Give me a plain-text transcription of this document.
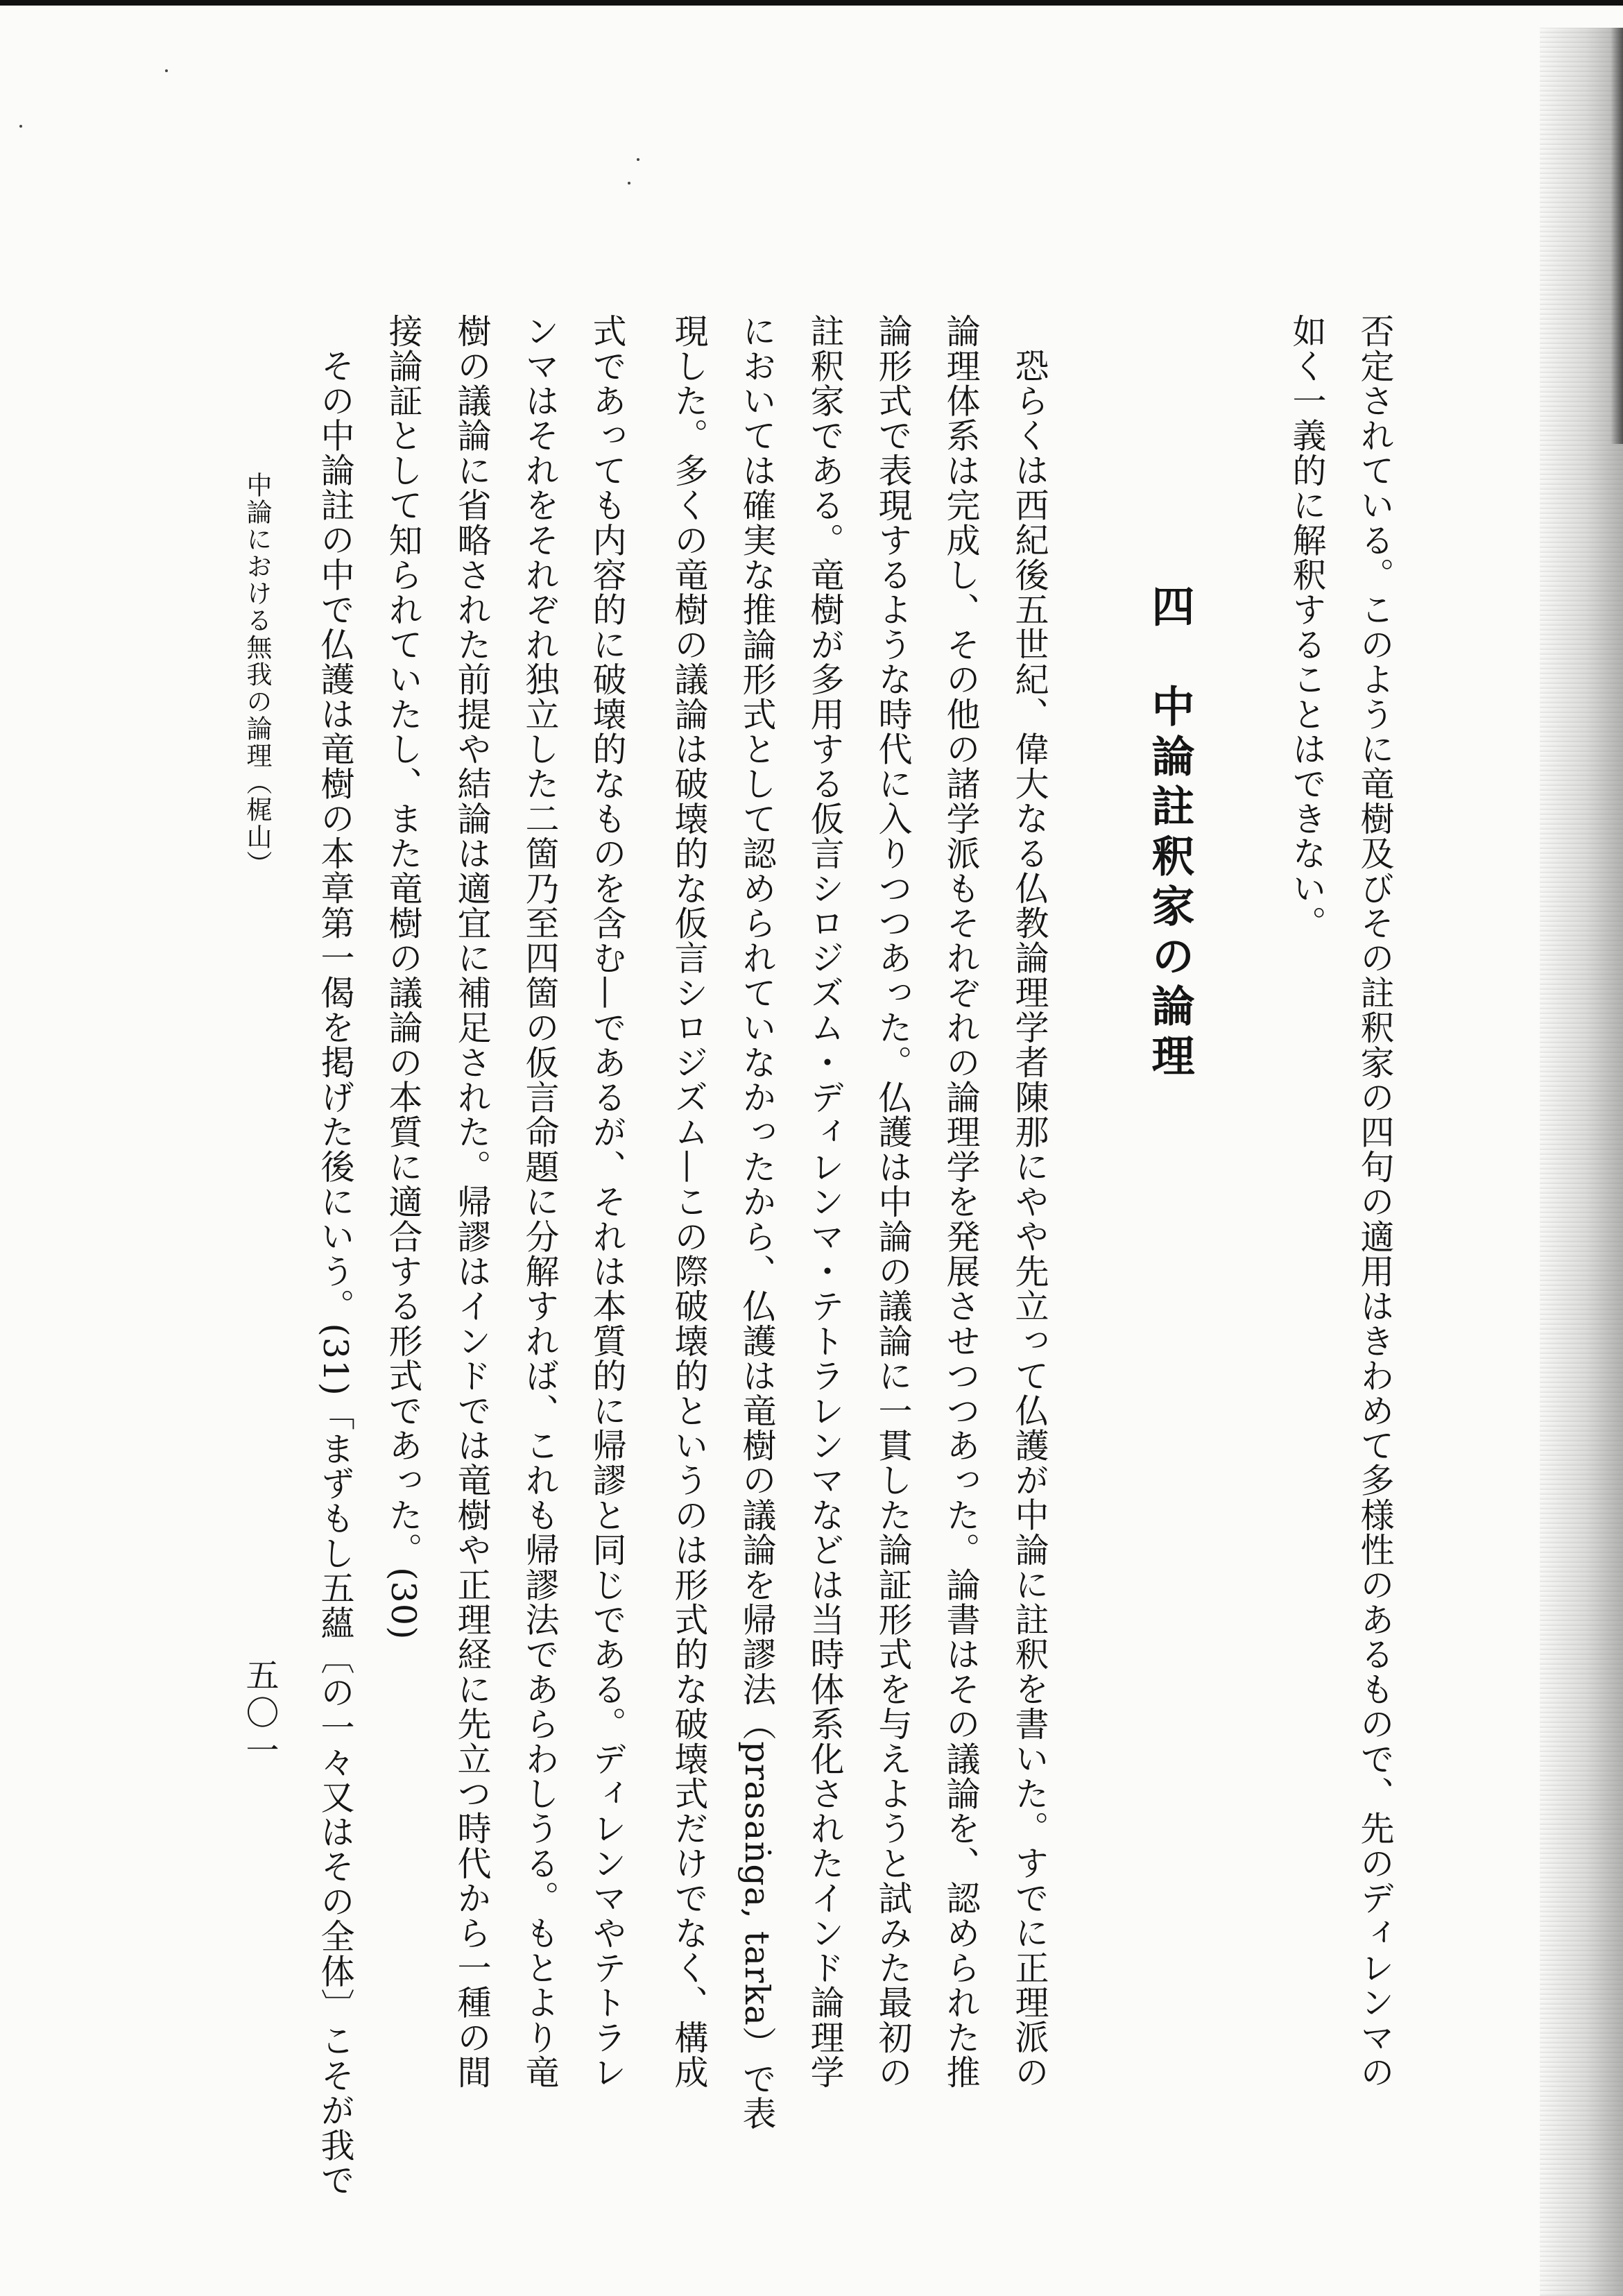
否定されている。このように竜樹及びその註釈家の四句の適用はきわめて多様性のあるもので、先のディレンマの

如く一義的に解釈することはできない。

四　中論註釈家の論理

恐らくは西紀後五世紀、偉大なる仏教論理学者陳那にやや先立って仏護が中論に註釈を書いた。すでに正理派の

論理体系は完成し、その他の諸学派もそれぞれの論理学を発展させつつあった。論書はその議論を、認められた推

論形式で表現するような時代に入りつつあった。仏護は中論の議論に一貫した論証形式を与えようと試みた最初の

註釈家である。竜樹が多用する仮言シロジズム・ディレンマ・テトラレンマなどは当時体系化されたインド論理学

においては確実な推論形式として認められていなかったから、仏護は竜樹の議論を帰謬法（prasaṅga, tarka）で表

現した。多くの竜樹の議論は破壊的な仮言シロジズム—この際破壊的というのは形式的な破壊式だけでなく、構成

式であっても内容的に破壊的なものを含む—であるが、それは本質的に帰謬と同じである。ディレンマやテトラレ

ンマはそれをそれぞれ独立した二箇乃至四箇の仮言命題に分解すれば、これも帰謬法であらわしうる。もとより竜

樹の議論に省略された前提や結論は適宜に補足された。帰謬はインドでは竜樹や正理経に先立つ時代から一種の間

接論証として知られていたし、また竜樹の議論の本質に適合する形式であった。(30)

その中論註の中で仏護は竜樹の本章第一偈を掲げた後にいう。(31)「まずもし五蘊〔の一々又はその全体〕こそが我で

中論における無我の論理（梶山）

五〇一
